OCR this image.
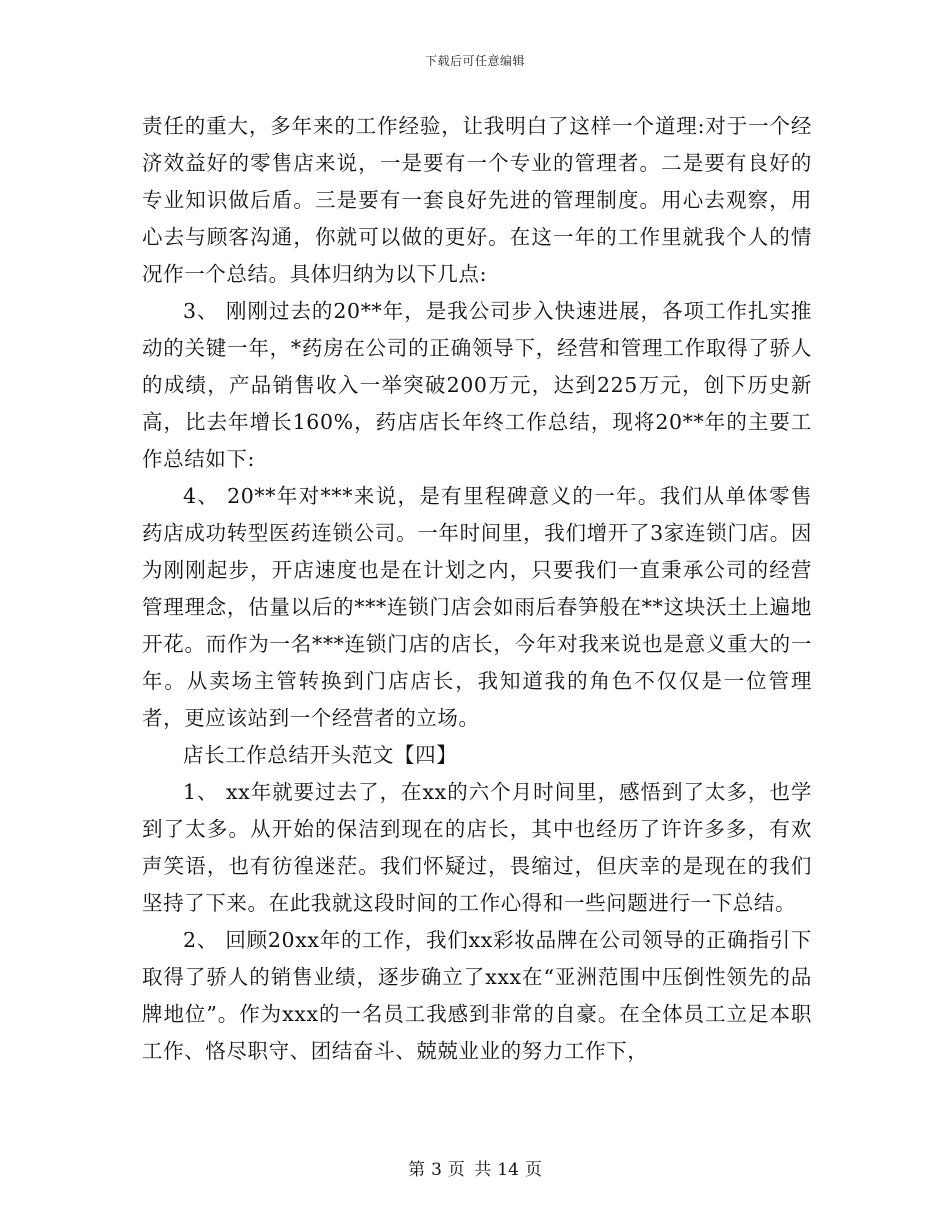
下载后可任意编辑

责任的重大，多年来的工作经验，让我明白了这样一个道理:对于一个经济效益好的零售店来说，一是要有一个专业的管理者。二是要有良好的专业知识做后盾。三是要有一套良好先进的管理制度。用心去观察，用心去与顾客沟通，你就可以做的更好。在这一年的工作里就我个人的情况作一个总结。具体归纳为以下几点:

3、 刚刚过去的20**年，是我公司步入快速进展，各项工作扎实推动的关键一年，*药房在公司的正确领导下，经营和管理工作取得了骄人的成绩，产品销售收入一举突破200万元，达到225万元，创下历史新高，比去年增长160%，药店店长年终工作总结，现将20**年的主要工作总结如下:

4、 20**年对***来说，是有里程碑意义的一年。我们从单体零售药店成功转型医药连锁公司。一年时间里，我们增开了3家连锁门店。因为刚刚起步，开店速度也是在计划之内，只要我们一直秉承公司的经营管理理念，估量以后的***连锁门店会如雨后春笋般在**这块沃土上遍地开花。而作为一名***连锁门店的店长，今年对我来说也是意义重大的一年。从卖场主管转换到门店店长，我知道我的角色不仅仅是一位管理者，更应该站到一个经营者的立场。

店长工作总结开头范文【四】

1、 xx年就要过去了，在xx的六个月时间里，感悟到了太多，也学到了太多。从开始的保洁到现在的店长，其中也经历了许许多多，有欢声笑语，也有彷徨迷茫。我们怀疑过，畏缩过，但庆幸的是现在的我们坚持了下来。在此我就这段时间的工作心得和一些问题进行一下总结。

2、 回顾20xx年的工作，我们xx彩妆品牌在公司领导的正确指引下取得了骄人的销售业绩，逐步确立了xxx在“亚洲范围中压倒性领先的品牌地位”。作为xxx的一名员工我感到非常的自豪。在全体员工立足本职工作、恪尽职守、团结奋斗、兢兢业业的努力工作下，

第 3 页 共 14 页
